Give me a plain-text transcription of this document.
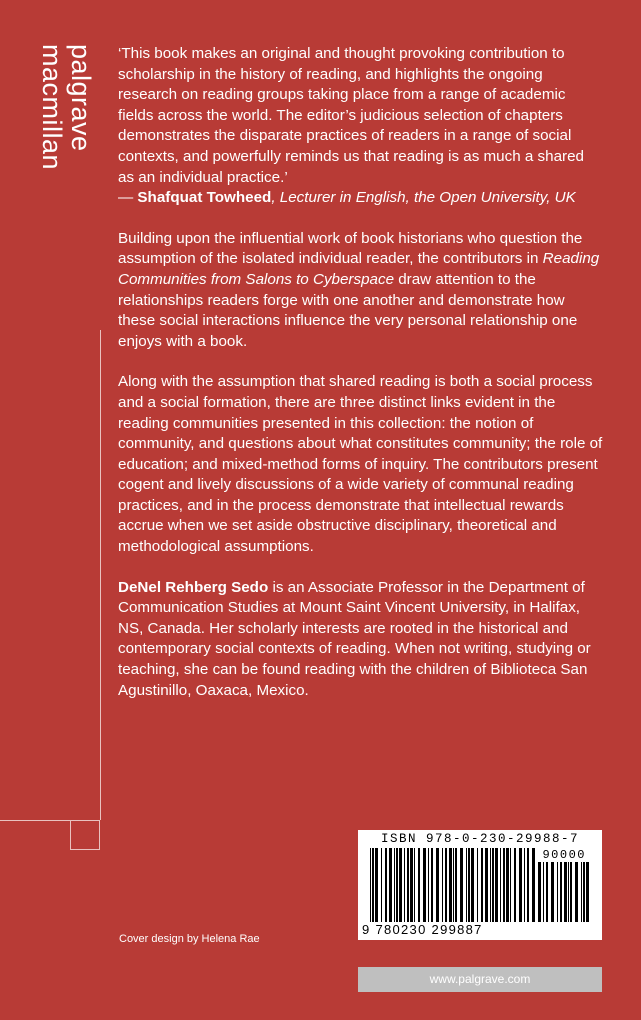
palgrave
macmillan	‘This book makes an original and thought provoking contribution to scholarship in the history of reading, and highlights the ongoing research on reading groups taking place from a range of academic fields across the world. The editor’s judicious selection of chapters demonstrates the disparate practices of readers in a range of social contexts, and powerfully reminds us that reading is as much a shared as an individual practice.’
— Shafquat Towheed, Lecturer in English, the Open University, UK

Building upon the influential work of book historians who question the assumption of the isolated individual reader, the contributors in Reading Communities from Salons to Cyberspace draw attention to the relationships readers forge with one another and demonstrate how these social interactions influence the very personal relationship one enjoys with a book.

Along with the assumption that shared reading is both a social process and a social formation, there are three distinct links evident in the reading communities presented in this collection: the notion of community, and questions about what constitutes community; the role of education; and mixed-method forms of inquiry. The contributors present cogent and lively discussions of a wide variety of communal reading practices, and in the process demonstrate that intellectual rewards accrue when we set aside obstructive disciplinary, theoretical and methodological assumptions.

DeNel Rehberg Sedo is an Associate Professor in the Department of Communication Studies at Mount Saint Vincent University, in Halifax, NS, Canada. Her scholarly interests are rooted in the historical and contemporary social contexts of reading. When not writing, studying or teaching, she can be found reading with the children of Biblioteca San Agustinillo, Oaxaca, Mexico.

ISBN 978-0-230-29988-7
90000
9 780230 299887
Cover design by Helena Rae
www.palgrave.com
